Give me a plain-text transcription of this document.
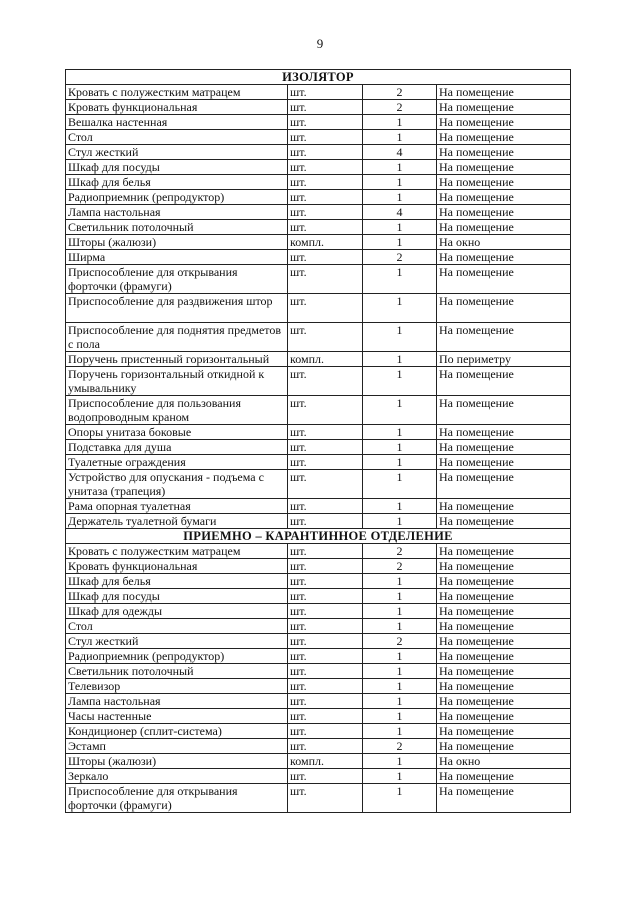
9
ИЗОЛЯТОР			
Кровать с полужестким матрацем	шт.	2	На помещение
Кровать функциональная	шт.	2	На помещение
Вешалка настенная	шт.	1	На помещение
Стол	шт.	1	На помещение
Стул жесткий	шт.	4	На помещение
Шкаф для посуды	шт.	1	На помещение
Шкаф для белья	шт.	1	На помещение
Радиоприемник (репродуктор)	шт.	1	На помещение
Лампа настольная	шт.	4	На помещение
Светильник потолочный	шт.	1	На помещение
Шторы (жалюзи)	компл.	1	На окно
Ширма	шт.	2	На помещение
Приспособление для открывания форточки (фрамуги)	шт.	1	На помещение
Приспособление для раздвижения штор	шт.	1	На помещение
Приспособление для поднятия предметов с пола	шт.	1	На помещение
Поручень пристенный горизонтальный	компл.	1	По периметру
Поручень горизонтальный откидной к умывальнику	шт.	1	На помещение
Приспособление для пользования водопроводным краном	шт.	1	На помещение
Опоры унитаза боковые	шт.	1	На помещение
Подставка для душа	шт.	1	На помещение
Туалетные ограждения	шт.	1	На помещение
Устройство для опускания - подъема с унитаза (трапеция)	шт.	1	На помещение
Рама опорная туалетная	шт.	1	На помещение
Держатель туалетной бумаги	шт.	1	На помещение
ПРИЕМНО – КАРАНТИННОЕ ОТДЕЛЕНИЕ			
Кровать с полужестким матрацем	шт.	2	На помещение
Кровать функциональная	шт.	2	На помещение
Шкаф для белья	шт.	1	На помещение
Шкаф для посуды	шт.	1	На помещение
Шкаф для одежды	шт.	1	На помещение
Стол	шт.	1	На помещение
Стул жесткий	шт.	2	На помещение
Радиоприемник (репродуктор)	шт.	1	На помещение
Светильник потолочный	шт.	1	На помещение
Телевизор	шт.	1	На помещение
Лампа настольная	шт.	1	На помещение
Часы настенные	шт.	1	На помещение
Кондиционер (сплит-система)	шт.	1	На помещение
Эстамп	шт.	2	На помещение
Шторы (жалюзи)	компл.	1	На окно
Зеркало	шт.	1	На помещение
Приспособление для открывания форточки (фрамуги)	шт.	1	На помещение
